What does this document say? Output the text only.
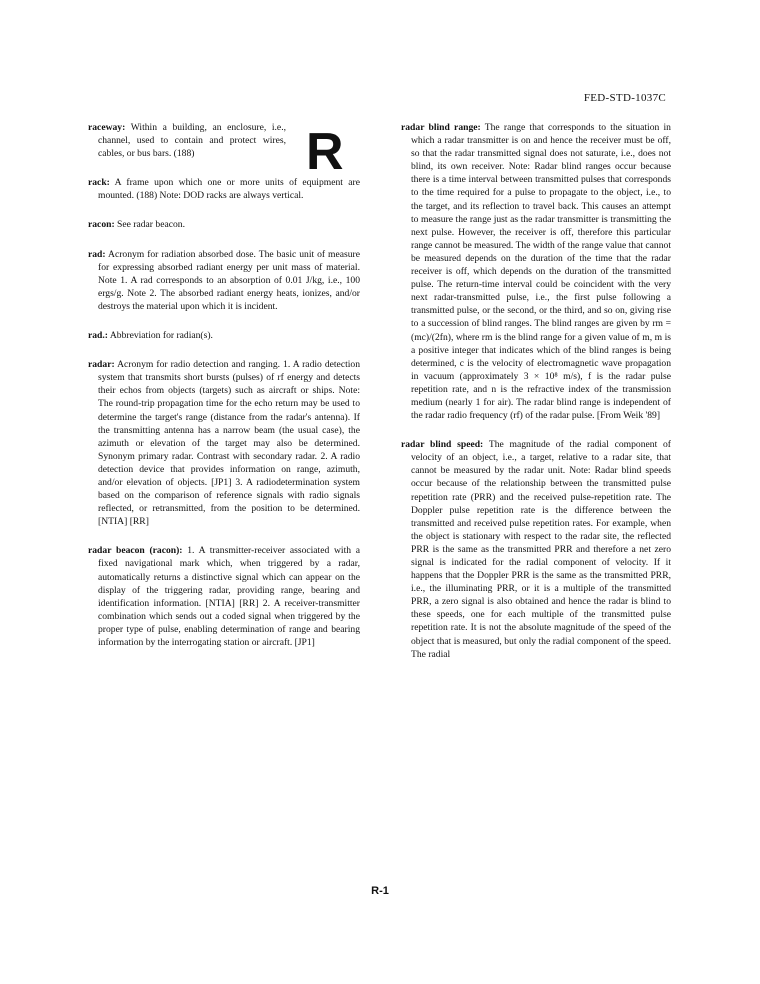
FED-STD-1037C
R

raceway: Within a building, an enclosure, i.e., channel, used to contain and protect wires, cables, or bus bars. (188)

rack: A frame upon which one or more units of equipment are mounted. (188) Note: DOD racks are always vertical.

racon: See radar beacon.

rad: Acronym for radiation absorbed dose. The basic unit of measure for expressing absorbed radiant energy per unit mass of material. Note 1. A rad corresponds to an absorption of 0.01 J/kg, i.e., 100 ergs/g. Note 2. The absorbed radiant energy heats, ionizes, and/or destroys the material upon which it is incident.

rad.: Abbreviation for radian(s).

radar: Acronym for radio detection and ranging. 1. A radio detection system that transmits short bursts (pulses) of rf energy and detects their echos from objects (targets) such as aircraft or ships. Note: The round-trip propagation time for the echo return may be used to determine the target's range (distance from the radar's antenna). If the transmitting antenna has a narrow beam (the usual case), the azimuth or elevation of the target may also be determined. Synonym primary radar. Contrast with secondary radar. 2. A radio detection device that provides information on range, azimuth, and/or elevation of objects. [JP1] 3. A radiodetermination system based on the comparison of reference signals with radio signals reflected, or retransmitted, from the position to be determined. [NTIA] [RR]

radar beacon (racon): 1. A transmitter-receiver associated with a fixed navigational mark which, when triggered by a radar, automatically returns a distinctive signal which can appear on the display of the triggering radar, providing range, bearing and identification information. [NTIA] [RR] 2. A receiver-transmitter combination which sends out a coded signal when triggered by the proper type of pulse, enabling determination of range and bearing information by the interrogating station or aircraft. [JP1]

radar blind range: The range that corresponds to the situation in which a radar transmitter is on and hence the receiver must be off, so that the radar transmitted signal does not saturate, i.e., does not blind, its own receiver. Note: Radar blind ranges occur because there is a time interval between transmitted pulses that corresponds to the time required for a pulse to propagate to the object, i.e., to the target, and its reflection to travel back. This causes an attempt to measure the range just as the radar transmitter is transmitting the next pulse. However, the receiver is off, therefore this particular range cannot be measured. The width of the range value that cannot be measured depends on the duration of the time that the radar receiver is off, which depends on the duration of the transmitted pulse. The return-time interval could be coincident with the very next radar-transmitted pulse, i.e., the first pulse following a transmitted pulse, or the second, or the third, and so on, giving rise to a succession of blind ranges. The blind ranges are given by rm = (mc)/(2fn), where rm is the blind range for a given value of m, m is a positive integer that indicates which of the blind ranges is being determined, c is the velocity of electromagnetic wave propagation in vacuum (approximately 3 × 10⁸ m/s), f is the radar pulse repetition rate, and n is the refractive index of the transmission medium (nearly 1 for air). The radar blind range is independent of the radar radio frequency (rf) of the radar pulse. [From Weik '89]

radar blind speed: The magnitude of the radial component of velocity of an object, i.e., a target, relative to a radar site, that cannot be measured by the radar unit. Note: Radar blind speeds occur because of the relationship between the transmitted pulse repetition rate (PRR) and the received pulse-repetition rate. The Doppler pulse repetition rate is the difference between the transmitted and received pulse repetition rates. For example, when the object is stationary with respect to the radar site, the reflected PRR is the same as the transmitted PRR and therefore a net zero signal is indicated for the radial component of velocity. If it happens that the Doppler PRR is the same as the transmitted PRR, i.e., the illuminating PRR, or it is a multiple of the transmitted PRR, a zero signal is also obtained and hence the radar is blind to these speeds, one for each multiple of the transmitted pulse repetition rate. It is not the absolute magnitude of the speed of the object that is measured, but only the radial component of the speed. The radial

R-1
